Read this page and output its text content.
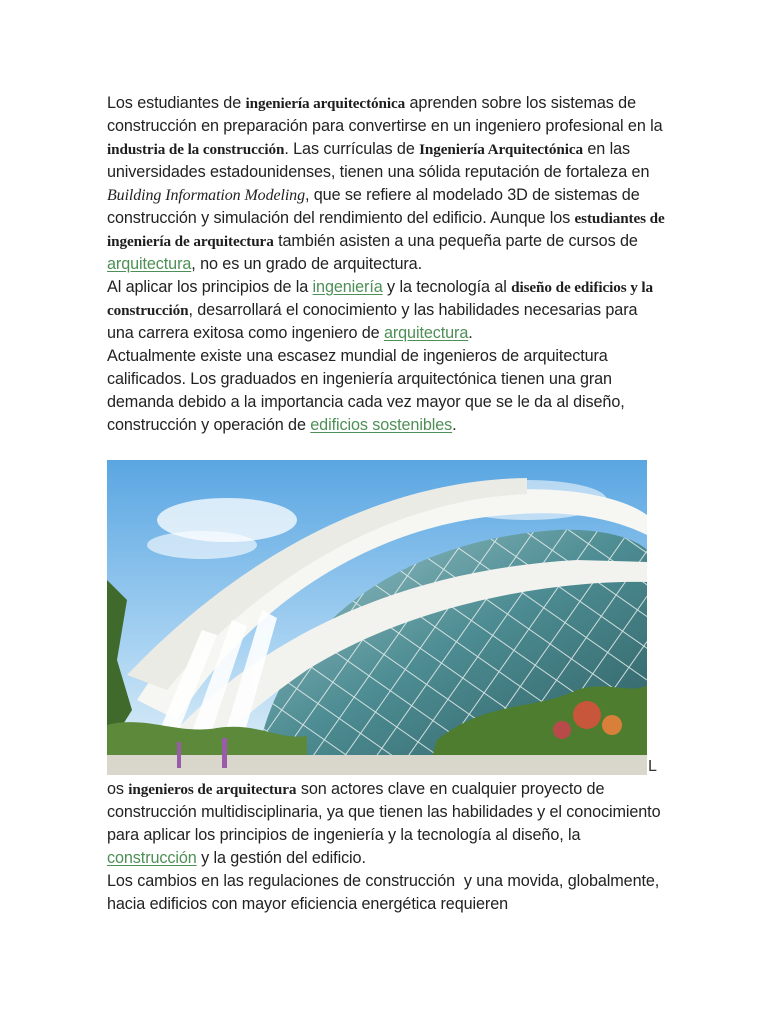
Los estudiantes de ingeniería arquitectónica aprenden sobre los sistemas de construcción en preparación para convertirse en un ingeniero profesional en la industria de la construcción. Las currículas de Ingeniería Arquitectónica en las universidades estadounidenses, tienen una sólida reputación de fortaleza en Building Information Modeling, que se refiere al modelado 3D de sistemas de construcción y simulación del rendimiento del edificio. Aunque los estudiantes de ingeniería de arquitectura también asisten a una pequeña parte de cursos de arquitectura, no es un grado de arquitectura.

Al aplicar los principios de la ingeniería y la tecnología al diseño de edificios y la construcción, desarrollará el conocimiento y las habilidades necesarias para una carrera exitosa como ingeniero de arquitectura.

Actualmente existe una escasez mundial de ingenieros de arquitectura calificados. Los graduados en ingeniería arquitectónica tienen una gran demanda debido a la importancia cada vez mayor que se le da al diseño, construcción y operación de edificios sostenibles.

L

os ingenieros de arquitectura son actores clave en cualquier proyecto de construcción multidisciplinaria, ya que tienen las habilidades y el conocimiento para aplicar los principios de ingeniería y la tecnología al diseño, la construcción y la gestión del edificio.

Los cambios en las regulaciones de construcción  y una movida, globalmente, hacia edificios con mayor eficiencia energética requieren
